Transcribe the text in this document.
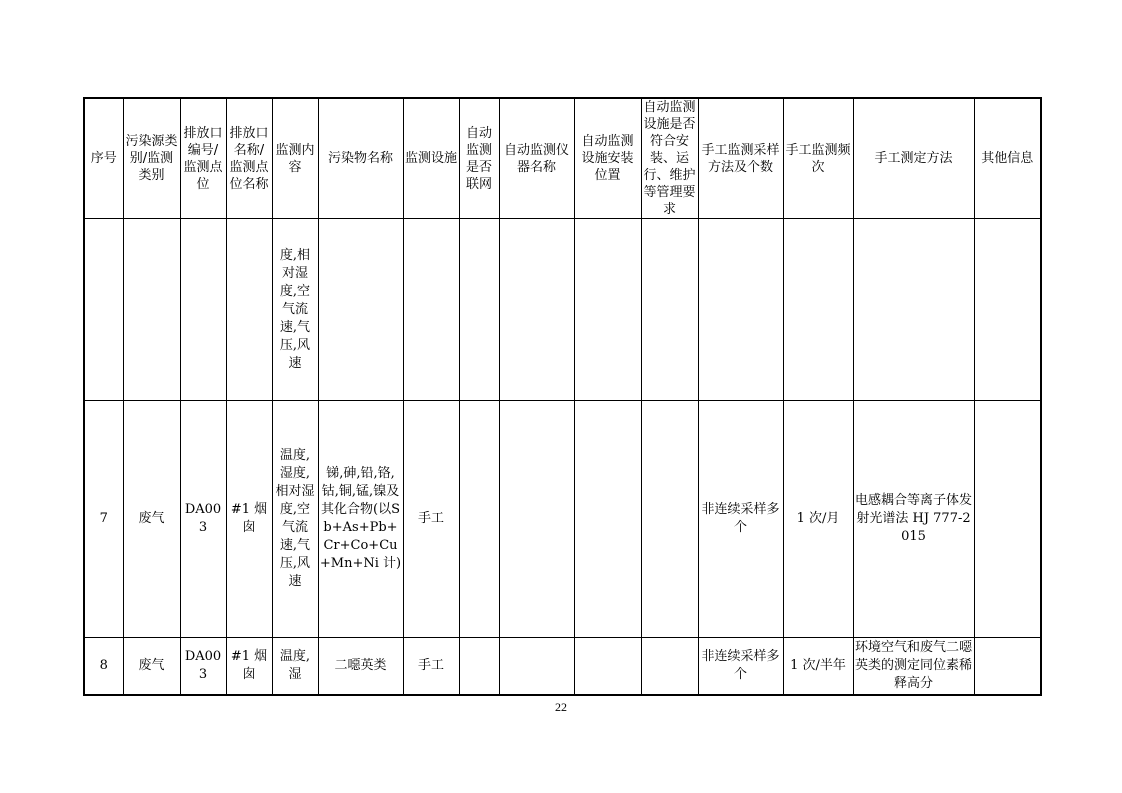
序号	污染源类别/监测类别	排放口编号/监测点位	排放口名称/监测点位名称	监测内容	污染物名称	监测设施	自动监测是否联网	自动监测仪器名称	自动监测设施安装位置	自动监测设施是否符合安装、运行、维护等管理要求	手工监测采样方法及个数	手工监测频次	手工测定方法	其他信息
				度,相对湿度,空气流速,气压,风速										
7	废气	DA003	#1 烟囱	温度,湿度,相对湿度,空气流速,气压,风速	锑,砷,铅,铬,钴,铜,锰,镍及其化合物(以Sb+As+Pb+Cr+Co+Cu+Mn+Ni 计)	手工					非连续采样多个	1 次/月	电感耦合等离子体发射光谱法 HJ 777-2015	
8	废气	DA003	#1 烟囱	温度,湿	二噁英类	手工					非连续采样多个	1 次/半年	环境空气和废气二噁英类的测定同位素稀释高分	
22
